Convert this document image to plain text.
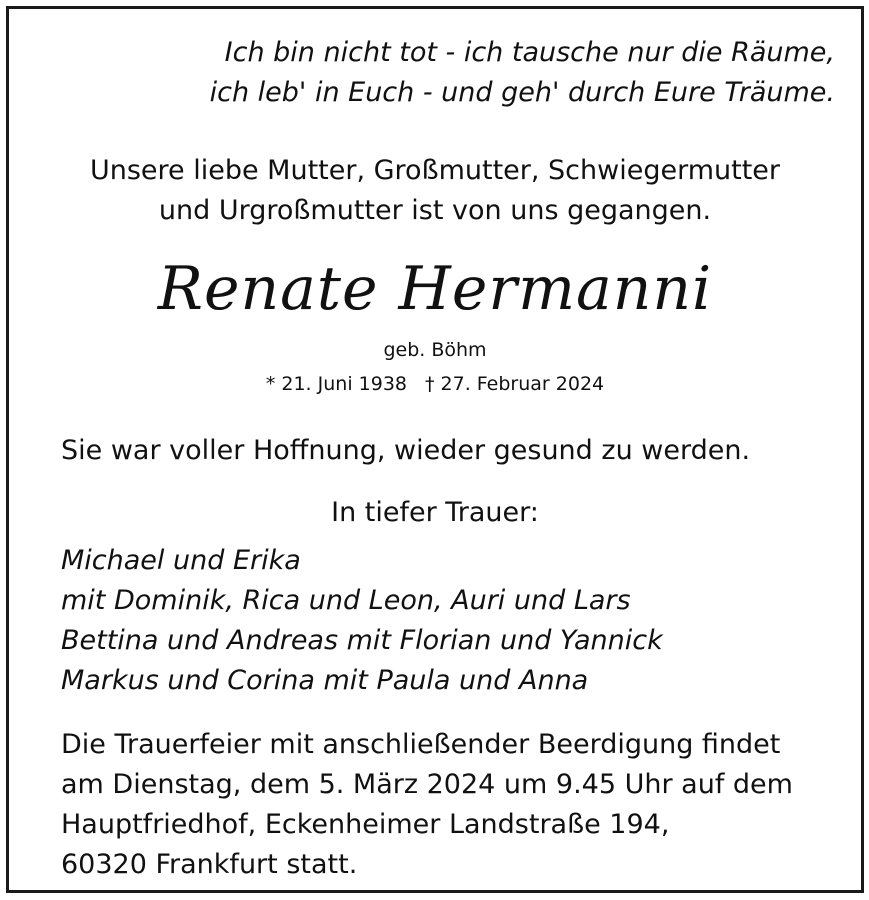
Ich bin nicht tot - ich tausche nur die Räume,
ich leb' in Euch - und geh' durch Eure Träume.
Unsere liebe Mutter, Großmutter, Schwiegermutter
und Urgroßmutter ist von uns gegangen.
Renate Hermanni
geb. Böhm
* 21. Juni 1938 † 27. Februar 2024
Sie war voller Hoffnung, wieder gesund zu werden.
In tiefer Trauer:
Michael und Erika
mit Dominik, Rica und Leon, Auri und Lars
Bettina und Andreas mit Florian und Yannick
Markus und Corina mit Paula und Anna
Die Trauerfeier mit anschließender Beerdigung findet
am Dienstag, dem 5. März 2024 um 9.45 Uhr auf dem
Hauptfriedhof, Eckenheimer Landstraße 194,
60320 Frankfurt statt.
